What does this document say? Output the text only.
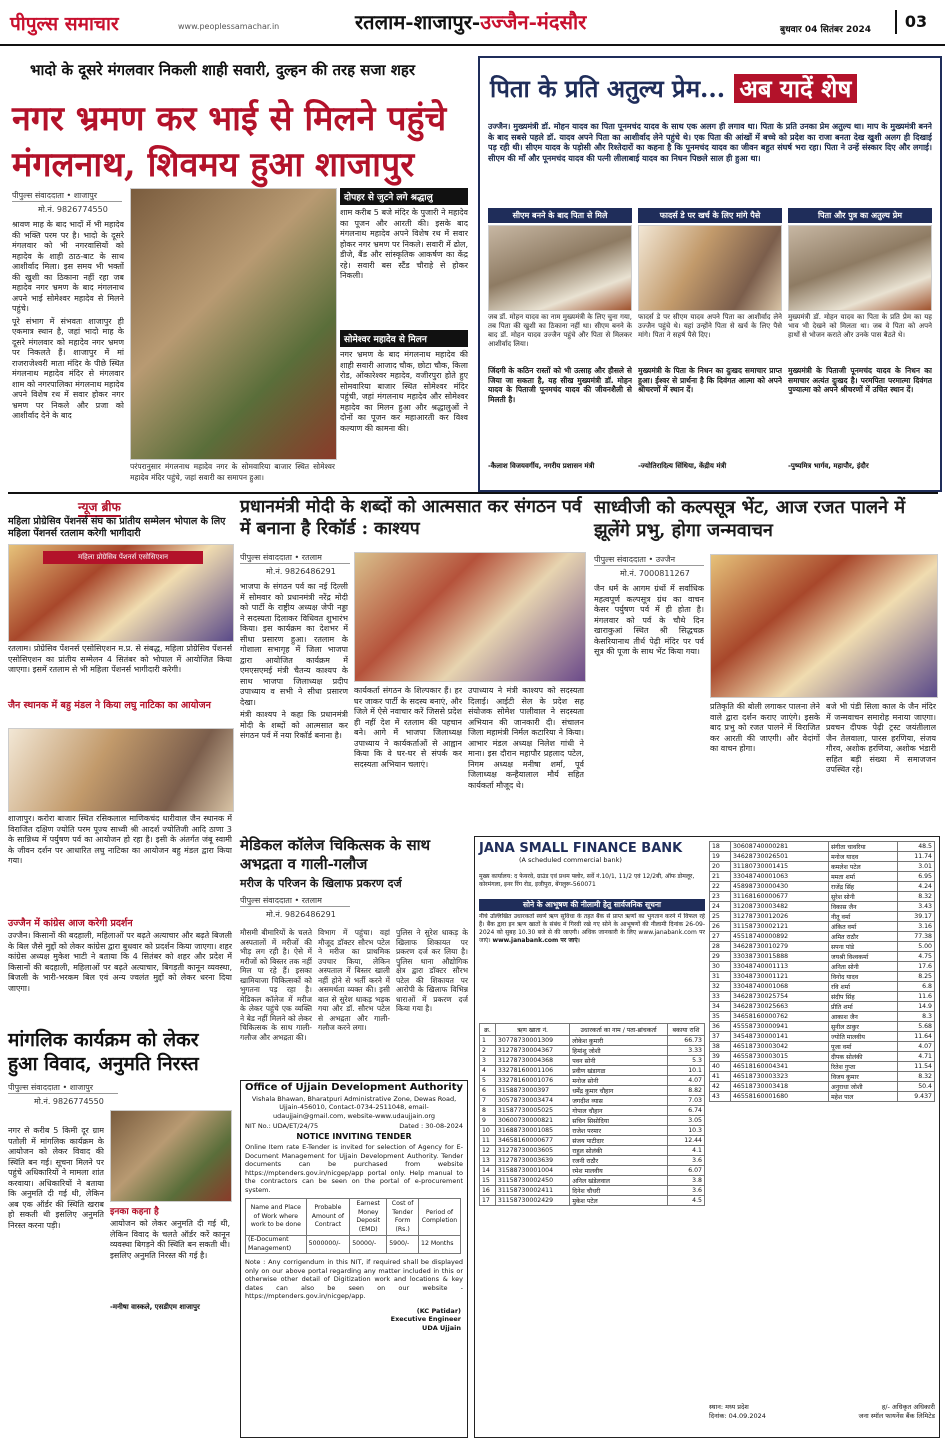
पीपुल्स समाचार	www.peoplessamachar.in	रतलाम-शाजापुर-उज्जैन-मंदसौर	बुधवार 04 सितंबर 2024	03
भादो के दूसरे मंगलवार निकली शाही सवारी, दुल्हन की तरह सजा शहर
नगर भ्रमण कर भाई से मिलने पहुंचे
मंगलनाथ, शिवमय हुआ शाजापुर
पीपुल्स संवाददाता • शाजापुर
मो.नं. 9826774550

श्रावण माह के बाद भादों में भी महादेव की भक्ति परम पर है। भादो के दूसरे मंगलवार को भी नगरवासियों को महादेव के शाही ठाठ-बाट के साथ आशीर्वाद मिला। इस समय भी भक्तों की खुशी का ठिकाना नहीं रहा जब महादेव नगर भ्रमण के बाद मंगलनाथ अपने भाई सोमेश्वर महादेव से मिलने पहुंचे।

पूरे संभाग में संभवतः शाजापुर ही एकमात्र स्थान है, जहां भादो माह के दूसरे मंगलवार को महादेव नगर भ्रमण पर निकलते हैं। शाजापुर में मां राजराजेश्वरी माता मंदिर के पीछे स्थित मंगलनाथ महादेव मंदिर से मंगलवार शाम को नगरपालिका मंगलनाथ महादेव अपने विशेष रथ में सवार होकर नगर भ्रमण पर निकले और प्रजा को आशीर्वाद देने के बाद

परंपरानुसार मंगलनाथ महादेव नगर के सोमवारिया बाजार स्थित सोमेश्वर महादेव मंदिर पहुंचे, जहां सवारी का समापन हुआ।
दोपहर से जुटने लगे श्रद्धालु
शाम करीब 5 बजे मंदिर के पुजारी ने महादेव का पूजन और आरती की। इसके बाद मंगलनाथ महादेव अपने विशेष रथ में सवार होकर नगर भ्रमण पर निकले। सवारी में ढोल, डीजे, बैंड और सांस्कृतिक आकर्षण का केंद्र रहे। सवारी बस स्टैंड चौराहे से होकर निकली।
सोमेश्वर महादेव से मिलन
नगर भ्रमण के बाद मंगलनाथ महादेव की शाही सवारी आजाद चौक, छोटा चौक, किला रोड, ओंकारेश्वर महादेव, वजीरपुरा होते हुए सोमवारिया बाजार स्थित सोमेश्वर मंदिर पहुंची, जहां मंगलनाथ महादेव और सोमेश्वर महादेव का मिलन हुआ और श्रद्धालुओं ने दोनों का पूजन कर महाआरती कर विश्व कल्याण की कामना की।
पिता के प्रति अतुल्य प्रेम... अब यादें शेष
उज्जैन। मुख्यमंत्री डॉ. मोहन यादव का पिता पूनमचंद यादव के साथ एक अलग ही लगाव था। पिता के प्रति उनका प्रेम अतुल्य था। माप के मुख्यमंत्री बनने के बाद सबसे पहले डॉ. यादव अपने पिता का आशीर्वाद लेने पहुंचे थे। एक पिता की आंखों में बच्चे को प्रदेश का राजा बनता देख खुशी अलग ही दिखाई पड़ रही थी। सीएम यादव के पड़ोसी और रिश्तेदारों का कहना है कि पूनमचंद यादव का जीवन बहुत संघर्ष भरा रहा। पिता ने उन्हें संस्कार दिए और लगाई। सीएम की माँ और पूनमचंद यादव की पत्नी लीलाबाई यादव का निधन पिछले साल ही हुआ था।
सीएम बनने के बाद पिता से मिले
जब डॉ. मोहन यादव का नाम मुख्यमंत्री के लिए चुना गया, तब पिता की खुशी का ठिकाना नहीं था। सीएम बनने के बाद डॉ. मोहन यादव उज्जैन पहुंचे और पिता से मिलकर आशीर्वाद लिया।
फादर्स डे पर खर्च के लिए मांगे पैसे
फादर्स डे पर सीएम यादव अपने पिता का आशीर्वाद लेने उज्जैन पहुंचे थे। यहां उन्होंने पिता से खर्च के लिए पैसे मांगे। पिता ने सहर्ष पैसे दिए।
पिता और पुत्र का अतुल्य प्रेम
मुख्यमंत्री डॉ. मोहन यादव का पिता के प्रति प्रेम का यह भाव भी देखने को मिलता था। जब वे पिता को अपने हाथों से भोजन कराते और उनके पास बैठते थे।
जिंदगी के कठिन रास्तों को भी उत्साह और हौसले से जिया जा सकता है, यह सीख मुख्यमंत्री डॉ. मोहन यादव के पिताजी पूनमचंद यादव की जीवनशैली से मिलती है।
-कैलाश विजयवर्गीय, नगरीय प्रशासन मंत्री
मुख्यमंत्री के पिता के निधन का दुःखद समाचार प्राप्त हुआ। ईश्वर से प्रार्थना है कि दिवंगत आत्मा को अपने श्रीचरणों में स्थान दें।
-ज्योतिरादित्य सिंधिया, केंद्रीय मंत्री
मुख्यमंत्री के पिताजी पूनमचंद यादव के निधन का समाचार अत्यंत दुःखद है। परमपिता परमात्मा दिवंगत पुण्यात्मा को अपने श्रीचरणों में उचित स्थान दें।
-पुष्यमित्र भार्गव, महापौर, इंदौर
न्यूज ब्रीफ
महिला प्रोग्रेसिव पेंशनर्स संघ का प्रांतीय सम्मेलन भोपाल के लिए महिला पेंशनर्स रतलाम करेगी भागीदारी
महिला प्रोग्रेसिव पेंशनर्स एसोसिएशन
रतलाम। प्रोग्रेसिव पेंशनर्स एसोसिएशन म.प्र. से संबद्ध, महिला प्रोग्रेसिव पेंशनर्स एसोसिएशन का प्रांतीय सम्मेलन 4 सितंबर को भोपाल में आयोजित किया जाएगा। इसमें रतलाम से भी महिला पेंशनर्स भागीदारी करेगी।
जैन स्थानक में बहु मंडल ने किया लघु नाटिका का आयोजन
शाजापुर। करोरा बाजार स्थित रसिकलाल माणिकचंद धारीवाल जैन स्थानक में विराजित दक्षिण ज्योति परम पूज्य साध्वी श्री आदर्श ज्योतिजी आदि ठाणा 3 के सान्निध्य में पर्युषण पर्व का आयोजन हो रहा है। इसी के अंतर्गत जंबू स्वामी के जीवन दर्शन पर आधारित लघु नाटिका का आयोजन बहु मंडल द्वारा किया गया।
उज्जैन में कांग्रेस आज करेगी प्रदर्शन
उज्जैन। किसानों की बदहाली, महिलाओं पर बढ़ते अत्याचार और बढ़ते बिजली के बिल जैसे मुद्दों को लेकर कांग्रेस द्वारा बुधवार को प्रदर्शन किया जाएगा। शहर कांग्रेस अध्यक्ष मुकेश भाटी ने बताया कि 4 सितंबर को शहर और प्रदेश में किसानों की बदहाली, महिलाओं पर बढ़ते अत्याचार, बिगड़ती कानून व्यवस्था, बिजली के भारी-भरकम बिल एवं अन्य ज्वलंत मुद्दों को लेकर धरना दिया जाएगा।
मांगलिक कार्यक्रम को लेकर हुआ विवाद, अनुमति निरस्त
पीपुल्स संवाददाता • शाजापुर
मो.नं. 9826774550
नगर से करीब 5 किमी दूर ग्राम पतोली में मांगलिक कार्यक्रम के आयोजन को लेकर विवाद की स्थिति बन गई। सूचना मिलने पर पहुंचे अधिकारियों ने मामला शांत करवाया। अधिकारियों ने बताया कि अनुमति दी गई थी, लेकिन अब एक ऑर्डर की स्थिति खराब हो सकती थी इसलिए अनुमति निरस्त करना पड़ी।
इनका कहना है
आयोजन को लेकर अनुमति दी गई थी, लेकिन विवाद के चलते ऑर्डर करें कानून व्यवस्था बिगड़ने की स्थिति बन सकती थी। इसलिए अनुमति निरस्त की गई है।
-मनीषा वास्कले, एसडीएम शाजापुर
प्रधानमंत्री मोदी के शब्दों को आत्मसात कर संगठन पर्व में बनाना है रिकॉर्ड : काश्यप
पीपुल्स संवाददाता • रतलाम
मो.नं. 9826486291

भाजपा के संगठन पर्व का नई दिल्ली में सोमवार को प्रधानमंत्री नरेंद्र मोदी को पार्टी के राष्ट्रीय अध्यक्ष जेपी नड्डा ने सदस्यता दिलाकर विधिवत शुभारंभ किया। इस कार्यक्रम का देशभर में सीधा प्रसारण हुआ। रतलाम के गोशाला सभागृह में जिला भाजपा द्वारा आयोजित कार्यक्रम में एमएसएमई मंत्री चैतन्य काश्यप के साथ भाजपा जिलाध्यक्ष प्रदीप उपाध्याय व सभी ने सीधा प्रसारण देखा।

मंत्री काश्यप ने कहा कि प्रधानमंत्री मोदी के शब्दों को आत्मसात कर संगठन पर्व में नया रिकॉर्ड बनाना है।

कार्यकर्ता संगठन के शिल्पकार हैं। हर घर जाकर पार्टी के सदस्य बनाएं, और जिले में ऐसे नवाचार करें जिससे प्रदेश ही नहीं देश में रतलाम की पहचान बने। आगे में भाजपा जिलाध्यक्ष उपाध्याय ने कार्यकर्ताओं से आह्वान किया कि वे घर-घर से संपर्क कर सदस्यता अभियान चलाएं।
उपाध्याय ने मंत्री काश्यप को सदस्यता दिलाई। आईटी सेल के प्रदेश सह संयोजक सोमेश पालीवाल ने सदस्यता अभियान की जानकारी दी। संचालन जिला महामंत्री निर्मल कटारिया ने किया। आभार मंडल अध्यक्ष निलेश गांधी ने माना। इस दौरान महापौर प्रहलाद पटेल, निगम अध्यक्ष मनीषा शर्मा, पूर्व जिलाध्यक्ष कन्हैयालाल मौर्य सहित कार्यकर्ता मौजूद थे।
साध्वीजी को कल्पसूत्र भेंट, आज रजत पालने में झूलेंगे प्रभु, होगा जन्मवाचन
पीपुल्स संवाददाता • उज्जैन
मो.नं. 7000811267
जैन धर्म के आगम ग्रंथों में सर्वाधिक महत्वपूर्ण कल्पसूत्र ग्रंथ का वाचन केसर पर्युषण पर्व में ही होता है। मंगलवार को पर्व के चौथे दिन खाराकुआं स्थित श्री सिद्धचक्र केसरियानाथ तीर्थ पेढ़ी मंदिर पर पर्व सूत्र की पूजा के साथ भेंट किया गया।
प्रतिकृति की बोली लगाकर पालना लेने वाले द्वारा दर्शन कराए जाएंगे। इसके बाद प्रभु को रजत पालने में विराजित कर आरती की जाएगी। और वेदांगों का वाचन होगा।
बजे भी पंडी सिला काल के जैन मंदिर में जन्मवाचन समारोह मनाया जाएगा। प्रवचन दीपक पेढ़ी ट्रस्ट जयंतीलाल जैन तेलवाला, पारस हरणिया, संजय गौरव, अशोक हरणिया, अशोक भंडारी सहित बड़ी संख्या में समाजजन उपस्थित रहे।
मेडिकल कॉलेज चिकित्सक के साथ अभद्रता व गाली-गलौज
मरीज के परिजन के खिलाफ प्रकरण दर्ज
पीपुल्स संवाददाता • रतलाम
मो.नं. 9826486291
मौसमी बीमारियों के चलते अस्पतालों में मरीजों की भीड़ लग रही है। ऐसे में मरीजों को बिस्तर तक नहीं मिल पा रहे हैं। इसका खामियाजा चिकित्सकों को भुगतना पड़ रहा है। मेडिकल कॉलेज में मरीज के लेकर पहुंचे एक व्यक्ति ने बेड नहीं मिलने को लेकर चिकित्सक के साथ गाली-गलौज और अभद्रता की।
विभाग में पहुंचा। वहां मौजूद डॉक्टर सौरभ पटेल ने मरीज का प्राथमिक उपचार किया, लेकिन अस्पताल में बिस्तर खाली नहीं होने से भर्ती करने में असमर्थता व्यक्त की। इसी बात से सुरेश धाकड़ भड़क गया और डॉ. सौरभ पटेल से अभद्रता और गाली-गलौज करने लगा।
पुलिस ने सुरेश धाकड़ के खिलाफ शिकायत पर प्रकरण दर्ज कर लिया है। पुलिस थाना औद्योगिक क्षेत्र द्वारा डॉक्टर सौरभ पटेल की शिकायत पर आरोपी के खिलाफ विभिन्न धाराओं में प्रकरण दर्ज किया गया है।
Office of Ujjain Development Authority
Vishala Bhawan, Bharatpuri Administrative Zone, Dewas Road, Ujjain-456010, Contact-0734-2511048, email-udaujjain@gmail.com, website-www.udaujjain.org
NIT No.: UDA/ET/24/75	Dated : 30-08-2024
NOTICE INVITING TENDER
Online Item rate E-Tender is invited for selection of Agency for E-Document Management for Ujjain Development Authority. Tender documents can be purchased from website https://mptenders.gov.in/nicgep/app portal only. Help manual to the contractors can be seen on the portal of e-procurement system.
Name and Place of Work where work to be done	Probable Amount of Contract	Earnest Money Deposit (EMD)	Cost of Tender Form (Rs.)	Period of Completion
(E-Document Management)	5000000/-	50000/-	5900/-	12 Months
Note : Any corrigendum in this NIT, if required shall be displayed only on our above portal regarding any matter included in this or otherwise other detail of Digitization work and locations & key dates can also be seen on our website - https://mptenders.gov.in/nicgep/app.
(KC Patidar)
Executive Engineer
UDA Ujjain
JANA SMALL FINANCE BANK
(A scheduled commercial bank)
मुख्य कार्यालय: द फेयरवे, ग्राउंड एवं प्रथम फ्लोर, सर्वे नं.10/1, 11/2 एवं 12/2बी, ऑफ डोमलूर, कोरमंगला, इनर रिंग रोड, इजीपुरा, बेंगलुरू-560071
सोने के आभूषण की नीलामी हेतु सार्वजनिक सूचना
नीचे उल्लिखित उधारकर्ता स्वर्ण ऋण सुविधा के तहत बैंक से प्राप्त ऋणों का भुगतान करने में विफल रहे हैं। बैंक द्वारा इन ऋण खातों के संबंध में गिरवी रखे गए सोने के आभूषणों की नीलामी दिनांक 26-09-2024 को सुबह 10.30 बजे से की जाएगी। अधिक जानकारी के लिए www.janabank.com पर जाएं। www.janabank.com पर जाएं।
क्र.	ऋण खाता नं.	उधारकर्ता का नाम / पता-ब्रांचकर्ता	बकाया राशि
1	30778730001309	लोकेश कुमारी	66.73
2	31278730004367	हिमांशु जोशी	3.33
3	31278730004368	पवन सोनी	5.3
4	33278160001106	प्रवीण खंडागळ	10.1
5	33278160001076	मनोज सोनी	4.07
6	3158873000397	धर्मेंद्र कुमार चौहान	8.82
7	30578730003474	जगदीश व्यास	7.03
8	31587730005025	गोपाल चौहान	6.74
9	30600730000821	सचिन सिसोदिया	3.05
10	31688730001085	राजेश परमार	10.3
11	34658160000677	संजय पाटीदार	12.44
12	31278730003605	राहुल सोलंकी	4.1
13	31278730003639	रजनी राठौर	3.6
14	31588730001004	रमेश मालवीय	6.07
15	31158730002450	अनिल खंडेलवाल	3.8
16	31158730002411	दिनेश चौधरी	3.6
17	31158730002429	मुकेश पटेल	4.5
18	30608740000281	संगीता चावरिया	48.5
19	34628730026501	मनोज यादव	11.74
20	31180730001415	कमलेश पटेल	3.01
21	33048740001063	ममता शर्मा	6.95
22	45898730000430	राजेंद्र सिंह	4.24
23	31168160000677	सुरेश सोनी	8.32
24	31208730003482	विकास जैन	3.43
25	31278730012026	नीतू वर्मा	39.17
26	31158730002121	अंकित वर्मा	3.16
27	45518740000892	अमित राठौर	77.38
28	34628730010279	सपना पांडे	5.00
29	33038730015888	जयश्री विश्वकर्मा	4.75
30	33048740001113	अनिता सोनी	17.6
31	33048730001121	विनोद यादव	8.25
32	33048740001068	रवि शर्मा	6.8
33	34628730025754	संदीप सिंह	11.6
34	34628730025663	प्रीति शर्मा	14.9
35	34658160000762	आकाश जैन	8.3
36	45558730000941	सुनील ठाकुर	5.68
37	34548730000141	ज्योति मालवीय	11.64
38	46518730003042	पूजा वर्मा	4.07
39	46558730003015	दीपक सोलंकी	4.71
40	46518160004341	रितेश गुप्ता	11.54
41	46518730003323	विजय कुमार	8.32
42	46518730003418	अनुराधा जोशी	50.4
43	46558160001680	महेश पाल	9.437
स्थान: मध्य प्रदेश	ह/- अधिकृत अधिकारी
दिनांक: 04.09.2024	जना स्मॉल फायनेंस बैंक लिमिटेड
